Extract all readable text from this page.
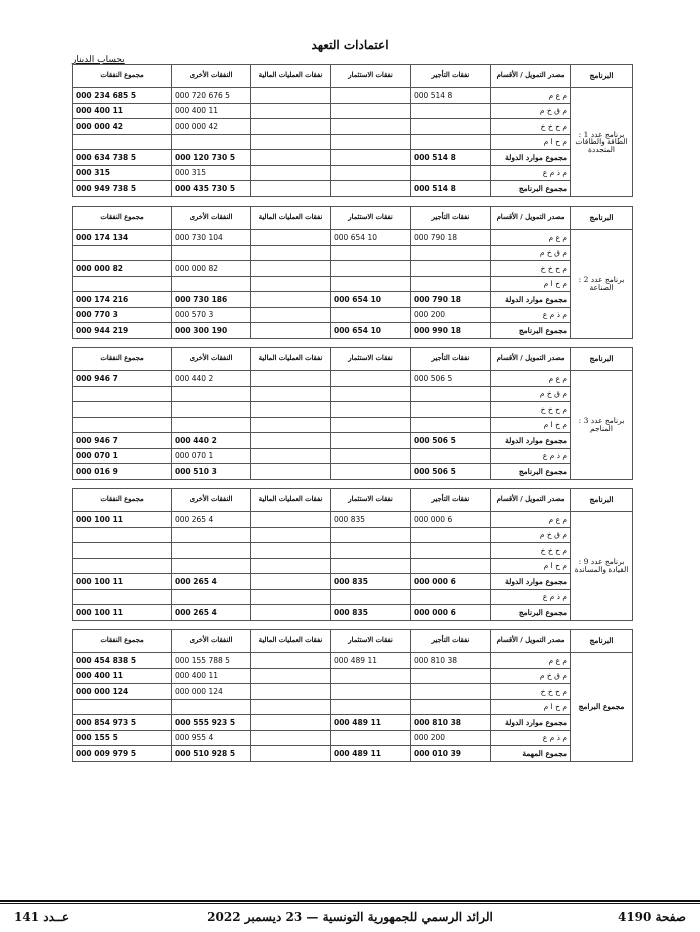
اعتمادات التعهد
بحساب الدينار
البرنامج	مصدر التمويل / الأقسام	نفقات التأجير	نفقات الاستثمار	نفقات العمليات المالية	النفقات الأخرى	مجموع النفقات
برنامج عدد 1 : الطاقة والطاقات المتجددة	م ع م	8 514 000			5 676 720 000	5 685 234 000
	م ق خ م				11 400 000	11 400 000
	م ح خ خ				42 000 000	42 000 000
	م ح ا م					
	مجموع موارد الدولة	8 514 000			5 730 120 000	5 738 634 000
	م ذ م ع				315 000	315 000
	مجموع البرنامج	8 514 000			5 730 435 000	5 738 949 000
البرنامج	مصدر التمويل / الأقسام	نفقات التأجير	نفقات الاستثمار	نفقات العمليات المالية	النفقات الأخرى	مجموع النفقات
برنامج عدد 2 : الصناعة	م ع م	18 790 000	10 654 000		104 730 000	134 174 000
	م ق خ م					
	م ح خ خ				82 000 000	82 000 000
	م ح ا م					
	مجموع موارد الدولة	18 790 000	10 654 000		186 730 000	216 174 000
	م ذ م ع	200 000			3 570 000	3 770 000
	مجموع البرنامج	18 990 000	10 654 000		190 300 000	219 944 000
البرنامج	مصدر التمويل / الأقسام	نفقات التأجير	نفقات الاستثمار	نفقات العمليات المالية	النفقات الأخرى	مجموع النفقات
برنامج عدد 3 : المناجم	م ع م	5 506 000			2 440 000	7 946 000
	م ق خ م					
	م ح خ خ					
	م ح ا م					
	مجموع موارد الدولة	5 506 000			2 440 000	7 946 000
	م ذ م ع				1 070 000	1 070 000
	مجموع البرنامج	5 506 000			3 510 000	9 016 000
البرنامج	مصدر التمويل / الأقسام	نفقات التأجير	نفقات الاستثمار	نفقات العمليات المالية	النفقات الأخرى	مجموع النفقات
برنامج عدد 9 : القيادة والمساندة	م ع م	6 000 000	835 000		4 265 000	11 100 000
	م ق خ م					
	م ح خ خ					
	م ح ا م					
	مجموع موارد الدولة	6 000 000	835 000		4 265 000	11 100 000
	م ذ م ع					
	مجموع البرنامج	6 000 000	835 000		4 265 000	11 100 000
البرنامج	مصدر التمويل / الأقسام	نفقات التأجير	نفقات الاستثمار	نفقات العمليات المالية	النفقات الأخرى	مجموع النفقات
مجموع البرامج	م ع م	38 810 000	11 489 000		5 788 155 000	5 838 454 000
	م ق خ م				11 400 000	11 400 000
	م ح خ خ				124 000 000	124 000 000
	م ح ا م					
	مجموع موارد الدولة	38 810 000	11 489 000		5 923 555 000	5 973 854 000
	م ذ م ع	200 000			4 955 000	5 155 000
	مجموع المهمة	39 010 000	11 489 000		5 928 510 000	5 979 009 000
صفحة 4190
الرائد الرسمي للجمهورية التونسية — 23 ديسمبر 2022
عــدد 141
